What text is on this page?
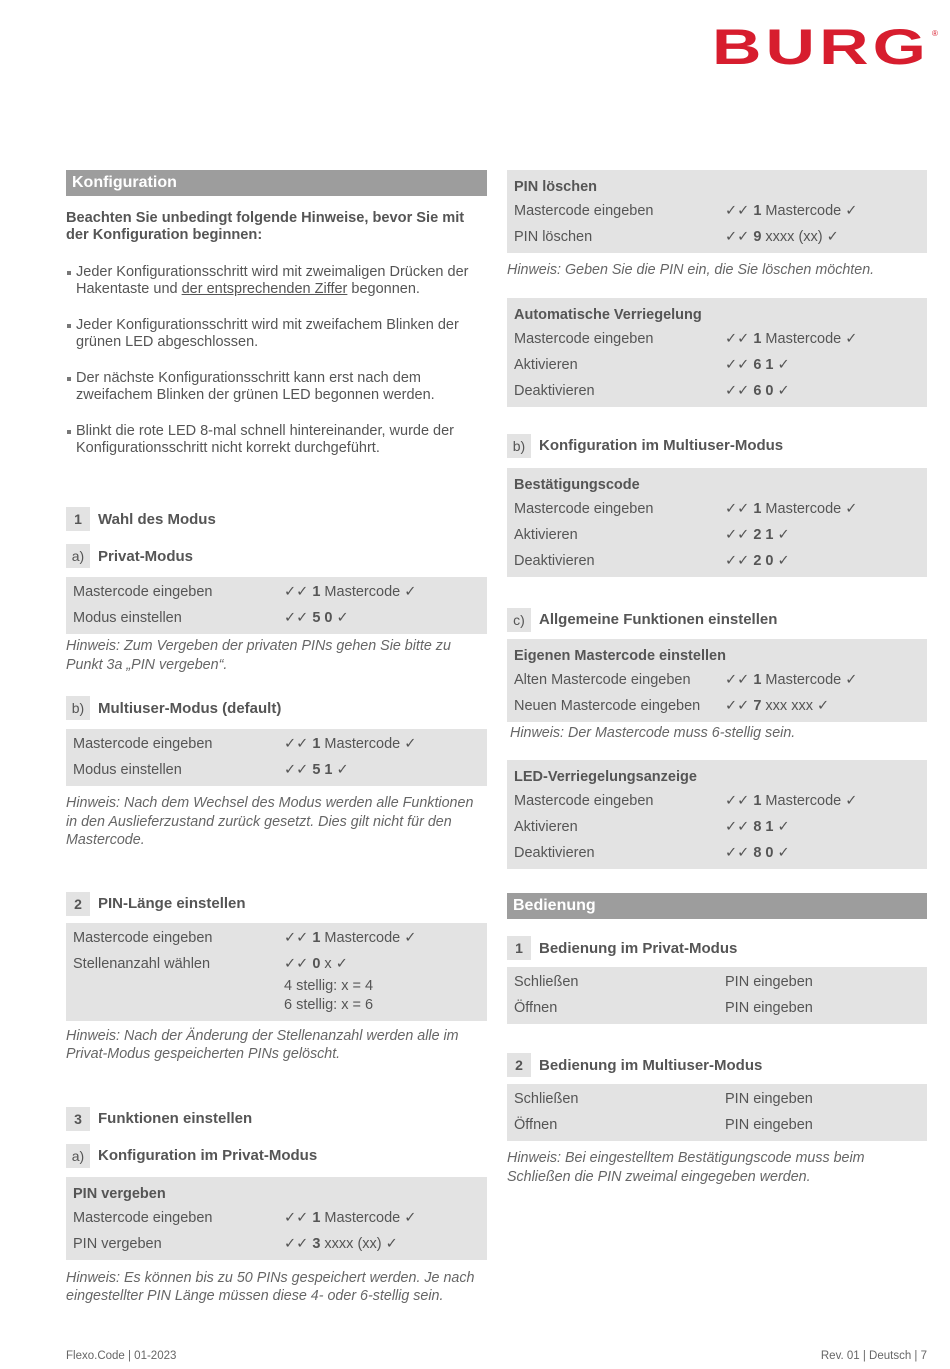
BURG ®
Konfiguration
Beachten Sie unbedingt folgende Hinweise, bevor Sie mit der Konfiguration beginnen:
Jeder Konfigurationsschritt wird mit zweimaligen Drücken der Hakentaste und der entsprechenden Ziffer begonnen.
Jeder Konfigurationsschritt wird mit zweifachem Blinken der grünen LED abgeschlossen.
Der nächste Konfigurationsschritt kann erst nach dem zweifachem Blinken der grünen LED begonnen werden.
Blinkt die rote LED 8-mal schnell hintereinander, wurde der Konfigurationsschritt nicht korrekt durchgeführt.
1	Wahl des Modus
a) Privat-Modus
Mastercode eingeben	✓✓ 1 Mastercode ✓
Modus einstellen	✓✓ 5 0 ✓
Hinweis: Zum Vergeben der privaten PINs gehen Sie bitte zu Punkt 3a „PIN vergeben“.
b) Multiuser-Modus (default)
Mastercode eingeben	✓✓ 1 Mastercode ✓
Modus einstellen	✓✓ 5 1 ✓
Hinweis: Nach dem Wechsel des Modus werden alle Funktionen in den Auslieferzustand zurück gesetzt. Dies gilt nicht für den Mastercode.
2	PIN-Länge einstellen
Mastercode eingeben	✓✓ 1 Mastercode ✓
Stellenanzahl wählen	✓✓ 0 x ✓
4 stellig: x = 4
6 stellig: x = 6
Hinweis: Nach der Änderung der Stellenanzahl werden alle im Privat-Modus gespeicherten PINs gelöscht.
3	Funktionen einstellen
a) Konfiguration im Privat-Modus
PIN vergeben
Mastercode eingeben	✓✓ 1 Mastercode ✓
PIN vergeben	✓✓ 3 xxxx (xx) ✓
Hinweis: Es können bis zu 50 PINs gespeichert werden. Je nach eingestellter PIN Länge müssen diese 4- oder 6-stellig sein.
PIN löschen
Mastercode eingeben	✓✓ 1 Mastercode ✓
PIN löschen	✓✓ 9 xxxx (xx) ✓
Hinweis: Geben Sie die PIN ein, die Sie löschen möchten.
Automatische Verriegelung
Mastercode eingeben	✓✓ 1 Mastercode ✓
Aktivieren	✓✓ 6 1 ✓
Deaktivieren	✓✓ 6 0 ✓
b) Konfiguration im Multiuser-Modus
Bestätigungscode
Mastercode eingeben	✓✓ 1 Mastercode ✓
Aktivieren	✓✓ 2 1 ✓
Deaktivieren	✓✓ 2 0 ✓
c) Allgemeine Funktionen einstellen
Eigenen Mastercode einstellen
Alten Mastercode eingeben	✓✓ 1 Mastercode ✓
Neuen Mastercode eingeben	✓✓ 7 xxx xxx ✓
Hinweis: Der Mastercode muss 6-stellig sein.
LED-Verriegelungsanzeige
Mastercode eingeben	✓✓ 1 Mastercode ✓
Aktivieren	✓✓ 8 1 ✓
Deaktivieren	✓✓ 8 0 ✓
Bedienung
1	Bedienung im Privat-Modus
Schließen	PIN eingeben
Öffnen	PIN eingeben
2	Bedienung im Multiuser-Modus
Schließen	PIN eingeben
Öffnen	PIN eingeben
Hinweis: Bei eingestelltem Bestätigungscode muss beim Schließen die PIN zweimal eingegeben werden.
Flexo.Code | 01-2023	Rev. 01 | Deutsch | 7
